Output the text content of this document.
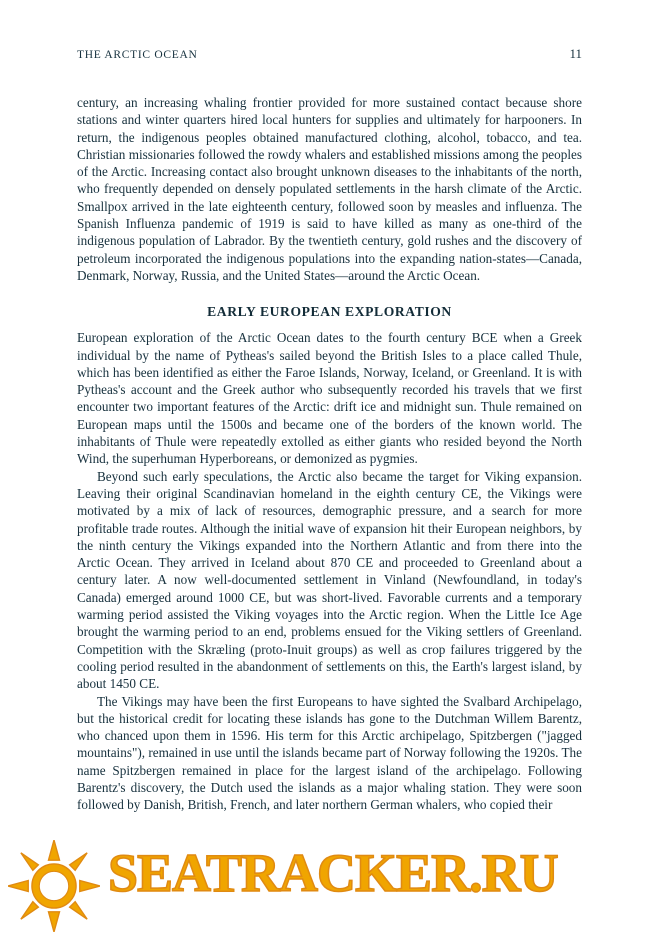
THE ARCTIC OCEAN	11

century, an increasing whaling frontier provided for more sustained contact because shore stations and winter quarters hired local hunters for supplies and ultimately for harpooners. In return, the indigenous peoples obtained manufactured clothing, alcohol, tobacco, and tea. Christian missionaries followed the rowdy whalers and established missions among the peoples of the Arctic. Increasing contact also brought unknown diseases to the inhabitants of the north, who frequently depended on densely populated settlements in the harsh climate of the Arctic. Smallpox arrived in the late eighteenth century, followed soon by measles and influenza. The Spanish Influenza pandemic of 1919 is said to have killed as many as one-third of the indigenous population of Labrador. By the twentieth century, gold rushes and the discovery of petroleum incorporated the indigenous populations into the expanding nation-states—Canada, Denmark, Norway, Russia, and the United States—around the Arctic Ocean.

EARLY EUROPEAN EXPLORATION

European exploration of the Arctic Ocean dates to the fourth century BCE when a Greek individual by the name of Pytheas's sailed beyond the British Isles to a place called Thule, which has been identified as either the Faroe Islands, Norway, Iceland, or Greenland. It is with Pytheas's account and the Greek author who subsequently recorded his travels that we first encounter two important features of the Arctic: drift ice and midnight sun. Thule remained on European maps until the 1500s and became one of the borders of the known world. The inhabitants of Thule were repeatedly extolled as either giants who resided beyond the North Wind, the superhuman Hyperboreans, or demonized as pygmies.

Beyond such early speculations, the Arctic also became the target for Viking expansion. Leaving their original Scandinavian homeland in the eighth century CE, the Vikings were motivated by a mix of lack of resources, demographic pressure, and a search for more profitable trade routes. Although the initial wave of expansion hit their European neighbors, by the ninth century the Vikings expanded into the Northern Atlantic and from there into the Arctic Ocean. They arrived in Iceland about 870 CE and proceeded to Greenland about a century later. A now well-documented settlement in Vinland (Newfoundland, in today's Canada) emerged around 1000 CE, but was short-lived. Favorable currents and a temporary warming period assisted the Viking voyages into the Arctic region. When the Little Ice Age brought the warming period to an end, problems ensued for the Viking settlers of Greenland. Competition with the Skræling (proto-Inuit groups) as well as crop failures triggered by the cooling period resulted in the abandonment of settlements on this, the Earth's largest island, by about 1450 CE.

The Vikings may have been the first Europeans to have sighted the Svalbard Archipelago, but the historical credit for locating these islands has gone to the Dutchman Willem Barentz, who chanced upon them in 1596. His term for this Arctic archipelago, Spitzbergen ("jagged mountains"), remained in use until the islands became part of Norway following the 1920s. The name Spitzbergen remained in place for the largest island of the archipelago. Following Barentz's discovery, the Dutch used the islands as a major whaling station. They were soon followed by Danish, British, French, and later northern German whalers, who copied their

SEATRACKER.RU
